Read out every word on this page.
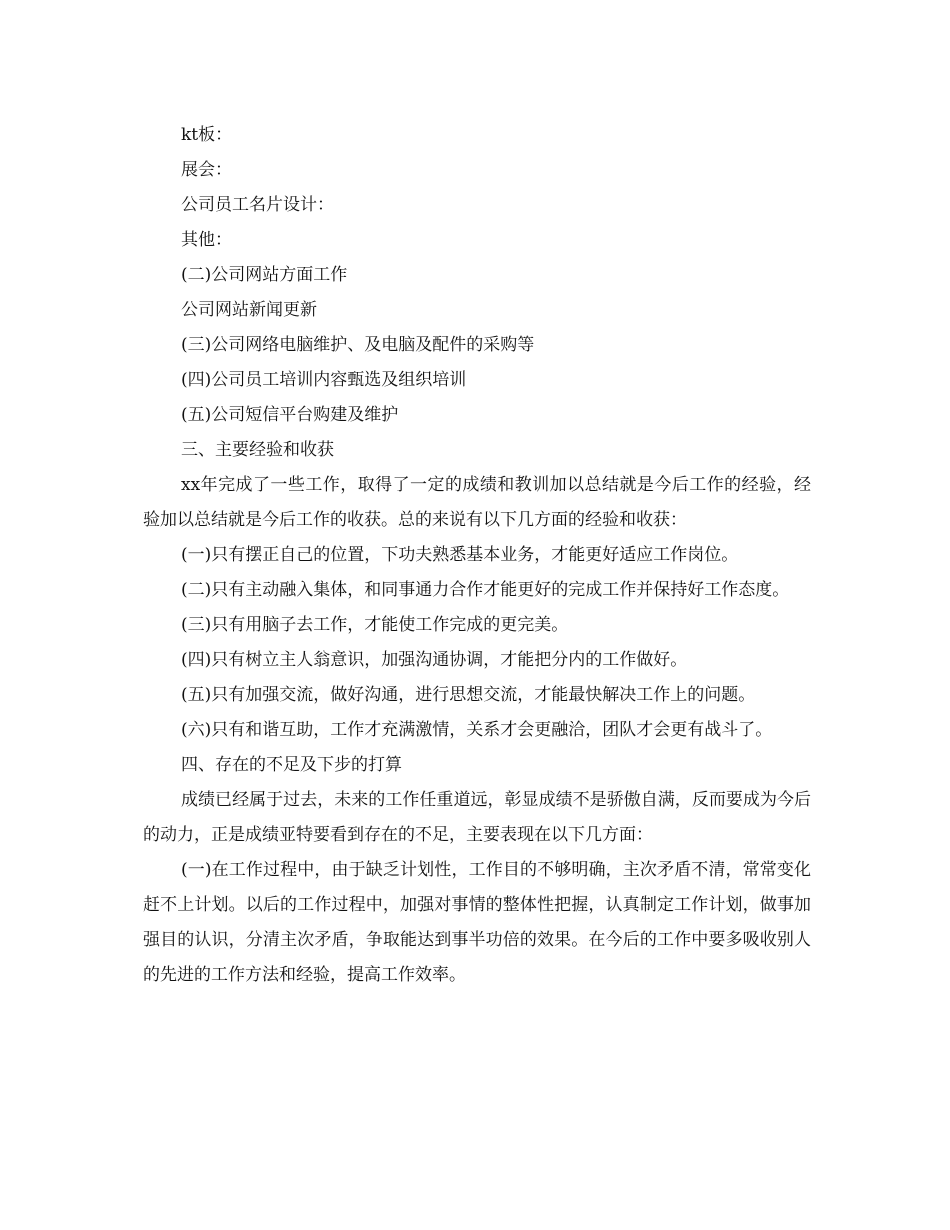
kt板：

展会：

公司员工名片设计：

其他：

(二)公司网站方面工作

公司网站新闻更新

(三)公司网络电脑维护、及电脑及配件的采购等

(四)公司员工培训内容甄选及组织培训

(五)公司短信平台购建及维护

三、主要经验和收获

xx年完成了一些工作，取得了一定的成绩和教训加以总结就是今后工作的经验，经验加以总结就是今后工作的收获。总的来说有以下几方面的经验和收获：

(一)只有摆正自己的位置，下功夫熟悉基本业务，才能更好适应工作岗位。

(二)只有主动融入集体，和同事通力合作才能更好的完成工作并保持好工作态度。

(三)只有用脑子去工作，才能使工作完成的更完美。

(四)只有树立主人翁意识，加强沟通协调，才能把分内的工作做好。

(五)只有加强交流，做好沟通，进行思想交流，才能最快解决工作上的问题。

(六)只有和谐互助，工作才充满激情，关系才会更融洽，团队才会更有战斗了。

四、存在的不足及下步的打算

成绩已经属于过去，未来的工作任重道远，彰显成绩不是骄傲自满，反而要成为今后的动力，正是成绩亚特要看到存在的不足，主要表现在以下几方面：

(一)在工作过程中，由于缺乏计划性，工作目的不够明确，主次矛盾不清，常常变化赶不上计划。以后的工作过程中，加强对事情的整体性把握，认真制定工作计划，做事加强目的认识，分清主次矛盾，争取能达到事半功倍的效果。在今后的工作中要多吸收别人的先进的工作方法和经验，提高工作效率。
